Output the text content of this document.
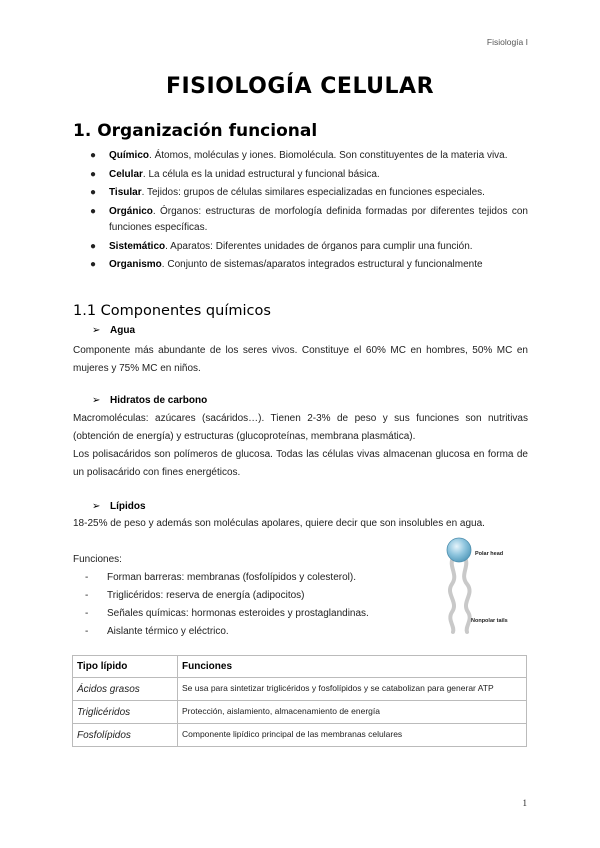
Fisiología I
FISIOLOGÍA CELULAR
1. Organización funcional
● Químico. Átomos, moléculas y iones. Biomolécula. Son constituyentes de la materia viva.
● Celular. La célula es la unidad estructural y funcional básica.
● Tisular. Tejidos: grupos de células similares especializadas en funciones especiales.
● Orgánico. Órganos: estructuras de morfología definida formadas por diferentes tejidos con funciones específicas.
● Sistemático. Aparatos: Diferentes unidades de órganos para cumplir una función.
● Organismo. Conjunto de sistemas/aparatos integrados estructural y funcionalmente
1.1 Componentes químicos
➢ Agua

Componente más abundante de los seres vivos. Constituye el 60% MC en hombres, 50% MC en mujeres y 75% MC en niños.

➢ Hidratos de carbono

Macromoléculas: azúcares (sacáridos…). Tienen 2-3% de peso y sus funciones son nutritivas (obtención de energía) y estructuras (glucoproteínas, membrana plasmática).

Los polisacáridos son polímeros de glucosa. Todas las células vivas almacenan glucosa en forma de un polisacárido con fines energéticos.

➢ Lípidos

18-25% de peso y además son moléculas apolares, quiere decir que son insolubles en agua.

Funciones:

- Forman barreras: membranas (fosfolípidos y colesterol).
- Triglicéridos: reserva de energía (adipocitos)
- Señales químicas: hormonas esteroides y prostaglandinas.
- Aislante térmico y eléctrico.
Polar head
Nonpolar tails
Tipo lípido	Funciones
Ácidos grasos	Se usa para sintetizar triglicéridos y fosfolípidos y se catabolizan para generar ATP
Triglicéridos	Protección, aislamiento, almacenamiento de energía
Fosfolípidos	Componente lipídico principal de las membranas celulares
1
